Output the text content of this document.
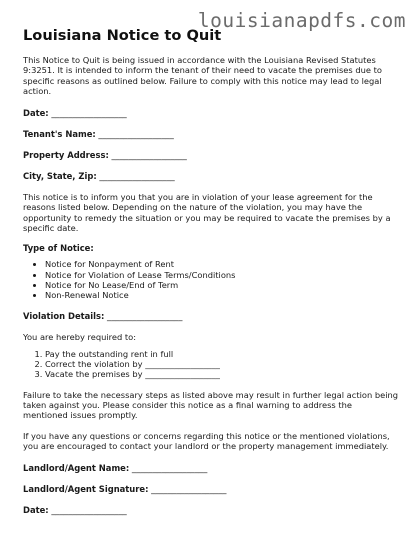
louisianapdfs.com
Louisiana Notice to Quit

This Notice to Quit is being issued in accordance with the Louisiana Revised Statutes 9:3251. It is intended to inform the tenant of their need to vacate the premises due to specific reasons as outlined below. Failure to comply with this notice may lead to legal action.

Date: __________________
Tenant's Name: __________________
Property Address: __________________
City, State, Zip: __________________

This notice is to inform you that you are in violation of your lease agreement for the reasons listed below. Depending on the nature of the violation, you may have the opportunity to remedy the situation or you may be required to vacate the premises by a specific date.

Type of Notice:
• Notice for Nonpayment of Rent
• Notice for Violation of Lease Terms/Conditions
• Notice for No Lease/End of Term
• Non-Renewal Notice
Violation Details: __________________

You are hereby required to:

1. Pay the outstanding rent in full
2. Correct the violation by __________________
3. Vacate the premises by __________________

Failure to take the necessary steps as listed above may result in further legal action being taken against you. Please consider this notice as a final warning to address the mentioned issues promptly.

If you have any questions or concerns regarding this notice or the mentioned violations, you are encouraged to contact your landlord or the property management immediately.

Landlord/Agent Name: __________________
Landlord/Agent Signature: __________________
Date: __________________
